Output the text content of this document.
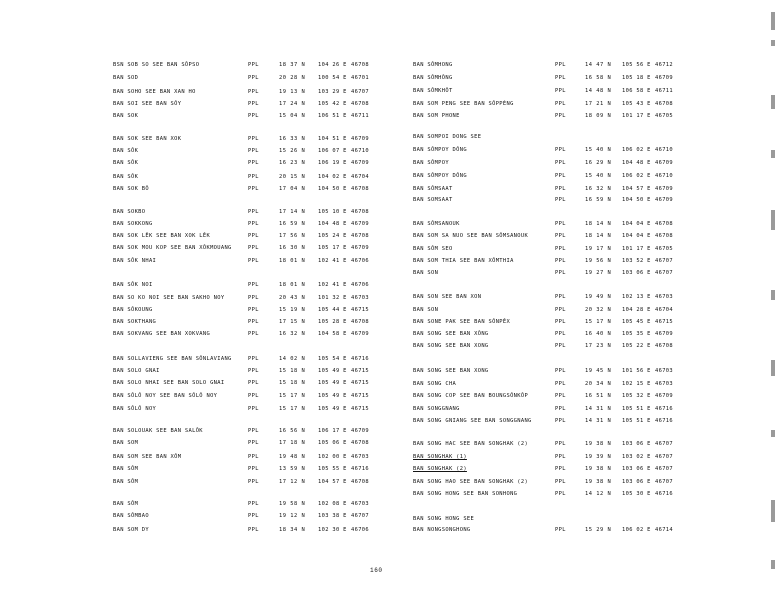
BSN SOB SO SEE BAN SÔPSO	PPL	18 37 N 104 26 E 46708
BAN SOD	PPL	20 28 N 100 54 E 46701
BAN SOHO SEE BAN XAN HO	PPL	19 13 N 103 29 E 46707
BAN SOI SEE BAN SÔY	PPL	17 24 N 105 42 E 46708
BAN SOK	PPL	15 04 N 106 51 E 46711
BAN SOK SEE BAN XOK	PPL	16 33 N 104 51 E 46709
BAN SÔK	PPL	15 26 N 106 07 E 46710
BAN SÔK	PPL	16 23 N 106 19 E 46709
BAN SÔK	PPL	20 15 N 104 02 E 46704
BAN SOK BÔ	PPL	17 04 N 104 50 E 46708
BAN SOKBO	PPL	17 14 N 105 10 E 46708
BAN SOKKONG	PPL	16 59 N 104 48 E 46709
BAN SOK LÊK SEE BAN XOK LÊK	PPL	17 56 N 105 24 E 46708
BAN SOK MOU KOP SEE BAN XÔKMOUANG	PPL	16 30 N 105 17 E 46709
BAN SÔK NHAI	PPL	18 01 N 102 41 E 46706
BAN SÔK NOI	PPL	18 01 N 102 41 E 46706
BAN SO KO NOI SEE BAN SAKHO NOY	PPL	20 43 N 101 32 E 46703
BAN SÔKOUNG	PPL	15 19 N 105 44 E 46715
BAN SOKTHANG	PPL	17 15 N 105 28 E 46708
BAN SOKVANG SEE BAN XOKVANG	PPL	16 32 N 104 58 E 46709
BAN SOLLAVIENG SEE BAN SÔNLAVIANG	PPL	14 02 N 105 54 E 46716
BAN SOLO GNAI	PPL	15 18 N 105 49 E 46715
BAN SOLO NHAI SEE BAN SOLO GNAI	PPL	15 18 N 105 49 E 46715
BAN SÔLÔ NOY SEE BAN SÔLÔ NOY	PPL	15 17 N 105 49 E 46715
BAN SÔLÔ NOY	PPL	15 17 N 105 49 E 46715
BAN SOLOUAK SEE BAN SALÔK	PPL	16 56 N 106 17 E 46709
BAN SOM	PPL	17 18 N 105 06 E 46708
BAN SOM SEE BAN XÔM	PPL	19 48 N 102 00 E 46703
BAN SÔM	PPL	13 59 N 105 55 E 46716
BAN SÔM	PPL	17 12 N 104 57 E 46708
BAN SÔM	PPL	19 58 N 102 08 E 46703
BAN SÔMBAO	PPL	19 12 N 103 38 E 46707
BAN SOM DY	PPL	18 34 N 102 30 E 46706
BAN SÔMHONG	PPL	14 47 N 105 56 E 46712
BAN SÔMHÔNG	PPL	16 58 N 105 18 E 46709
BAN SÔMKHÔT	PPL	14 48 N 106 58 E 46711
BAN SOM PENG SEE BAN SÔPPÉNG	PPL	17 21 N 105 43 E 46708
BAN SOM PHONE	PPL	18 09 N 101 17 E 46705
BAN SOMPOI DONG SEE
BAN SÔMPOY DÔNG	PPL	15 40 N 106 02 E 46710
BAN SÔMPOY	PPL	16 29 N 104 48 E 46709
BAN SÔMPOY DÔNG	PPL	15 40 N 106 02 E 46710
BAN SÔMSAAT	PPL	16 32 N 104 57 E 46709
BAN SOMSAAT	PPL	16 59 N 104 50 E 46709
BAN SÔMSANOUK	PPL	18 14 N 104 04 E 46708
BAN SOM SA NUO SEE BAN SÔMSANOUK	PPL	18 14 N 104 04 E 46708
BAN SÔM SEO	PPL	19 17 N 101 17 E 46705
BAN SOM THIA SEE BAN XÔMTHIA	PPL	19 56 N 103 52 E 46707
BAN SON	PPL	19 27 N 103 06 E 46707
BAN SON SEE BAN XON	PPL	19 49 N 102 13 E 46703
BAN SON	PPL	20 32 N 104 28 E 46704
BAN SONE PAK SEE BAN SÔNPÊX	PPL	15 17 N 105 45 E 46715
BAN SONG SEE BAN XÔNG	PPL	16 40 N 105 35 E 46709
BAN SONG SEE BAN XONG	PPL	17 23 N 105 22 E 46708
BAN SONG SEE BAN XONG	PPL	19 45 N 101 56 E 46703
BAN SONG CHA	PPL	20 34 N 102 15 E 46703
BAN SONG COP SEE BAN BOUNGSÔNKÔP	PPL	16 51 N 105 32 E 46709
BAN SONGGNANG	PPL	14 31 N 105 51 E 46716
BAN SONG GNIANG SEE BAN SONGGNANG	PPL	14 31 N 105 51 E 46716
BAN SONG HAC SEE BAN SONGHAK (2)	PPL	19 38 N 103 06 E 46707
BAN SONGHAK (1)	PPL	19 39 N 103 02 E 46707
BAN SONGHAK (2)	PPL	19 38 N 103 06 E 46707
BAN SONG HAO SEE BAN SONGHAK (2)	PPL	19 38 N 103 06 E 46707
BAN SONG HONG SEE BAN SONHONG	PPL	14 12 N 105 30 E 46716
BAN SONG HONG SEE
BAN NONGSONGHONG	PPL	15 29 N 106 02 E 46714
160
